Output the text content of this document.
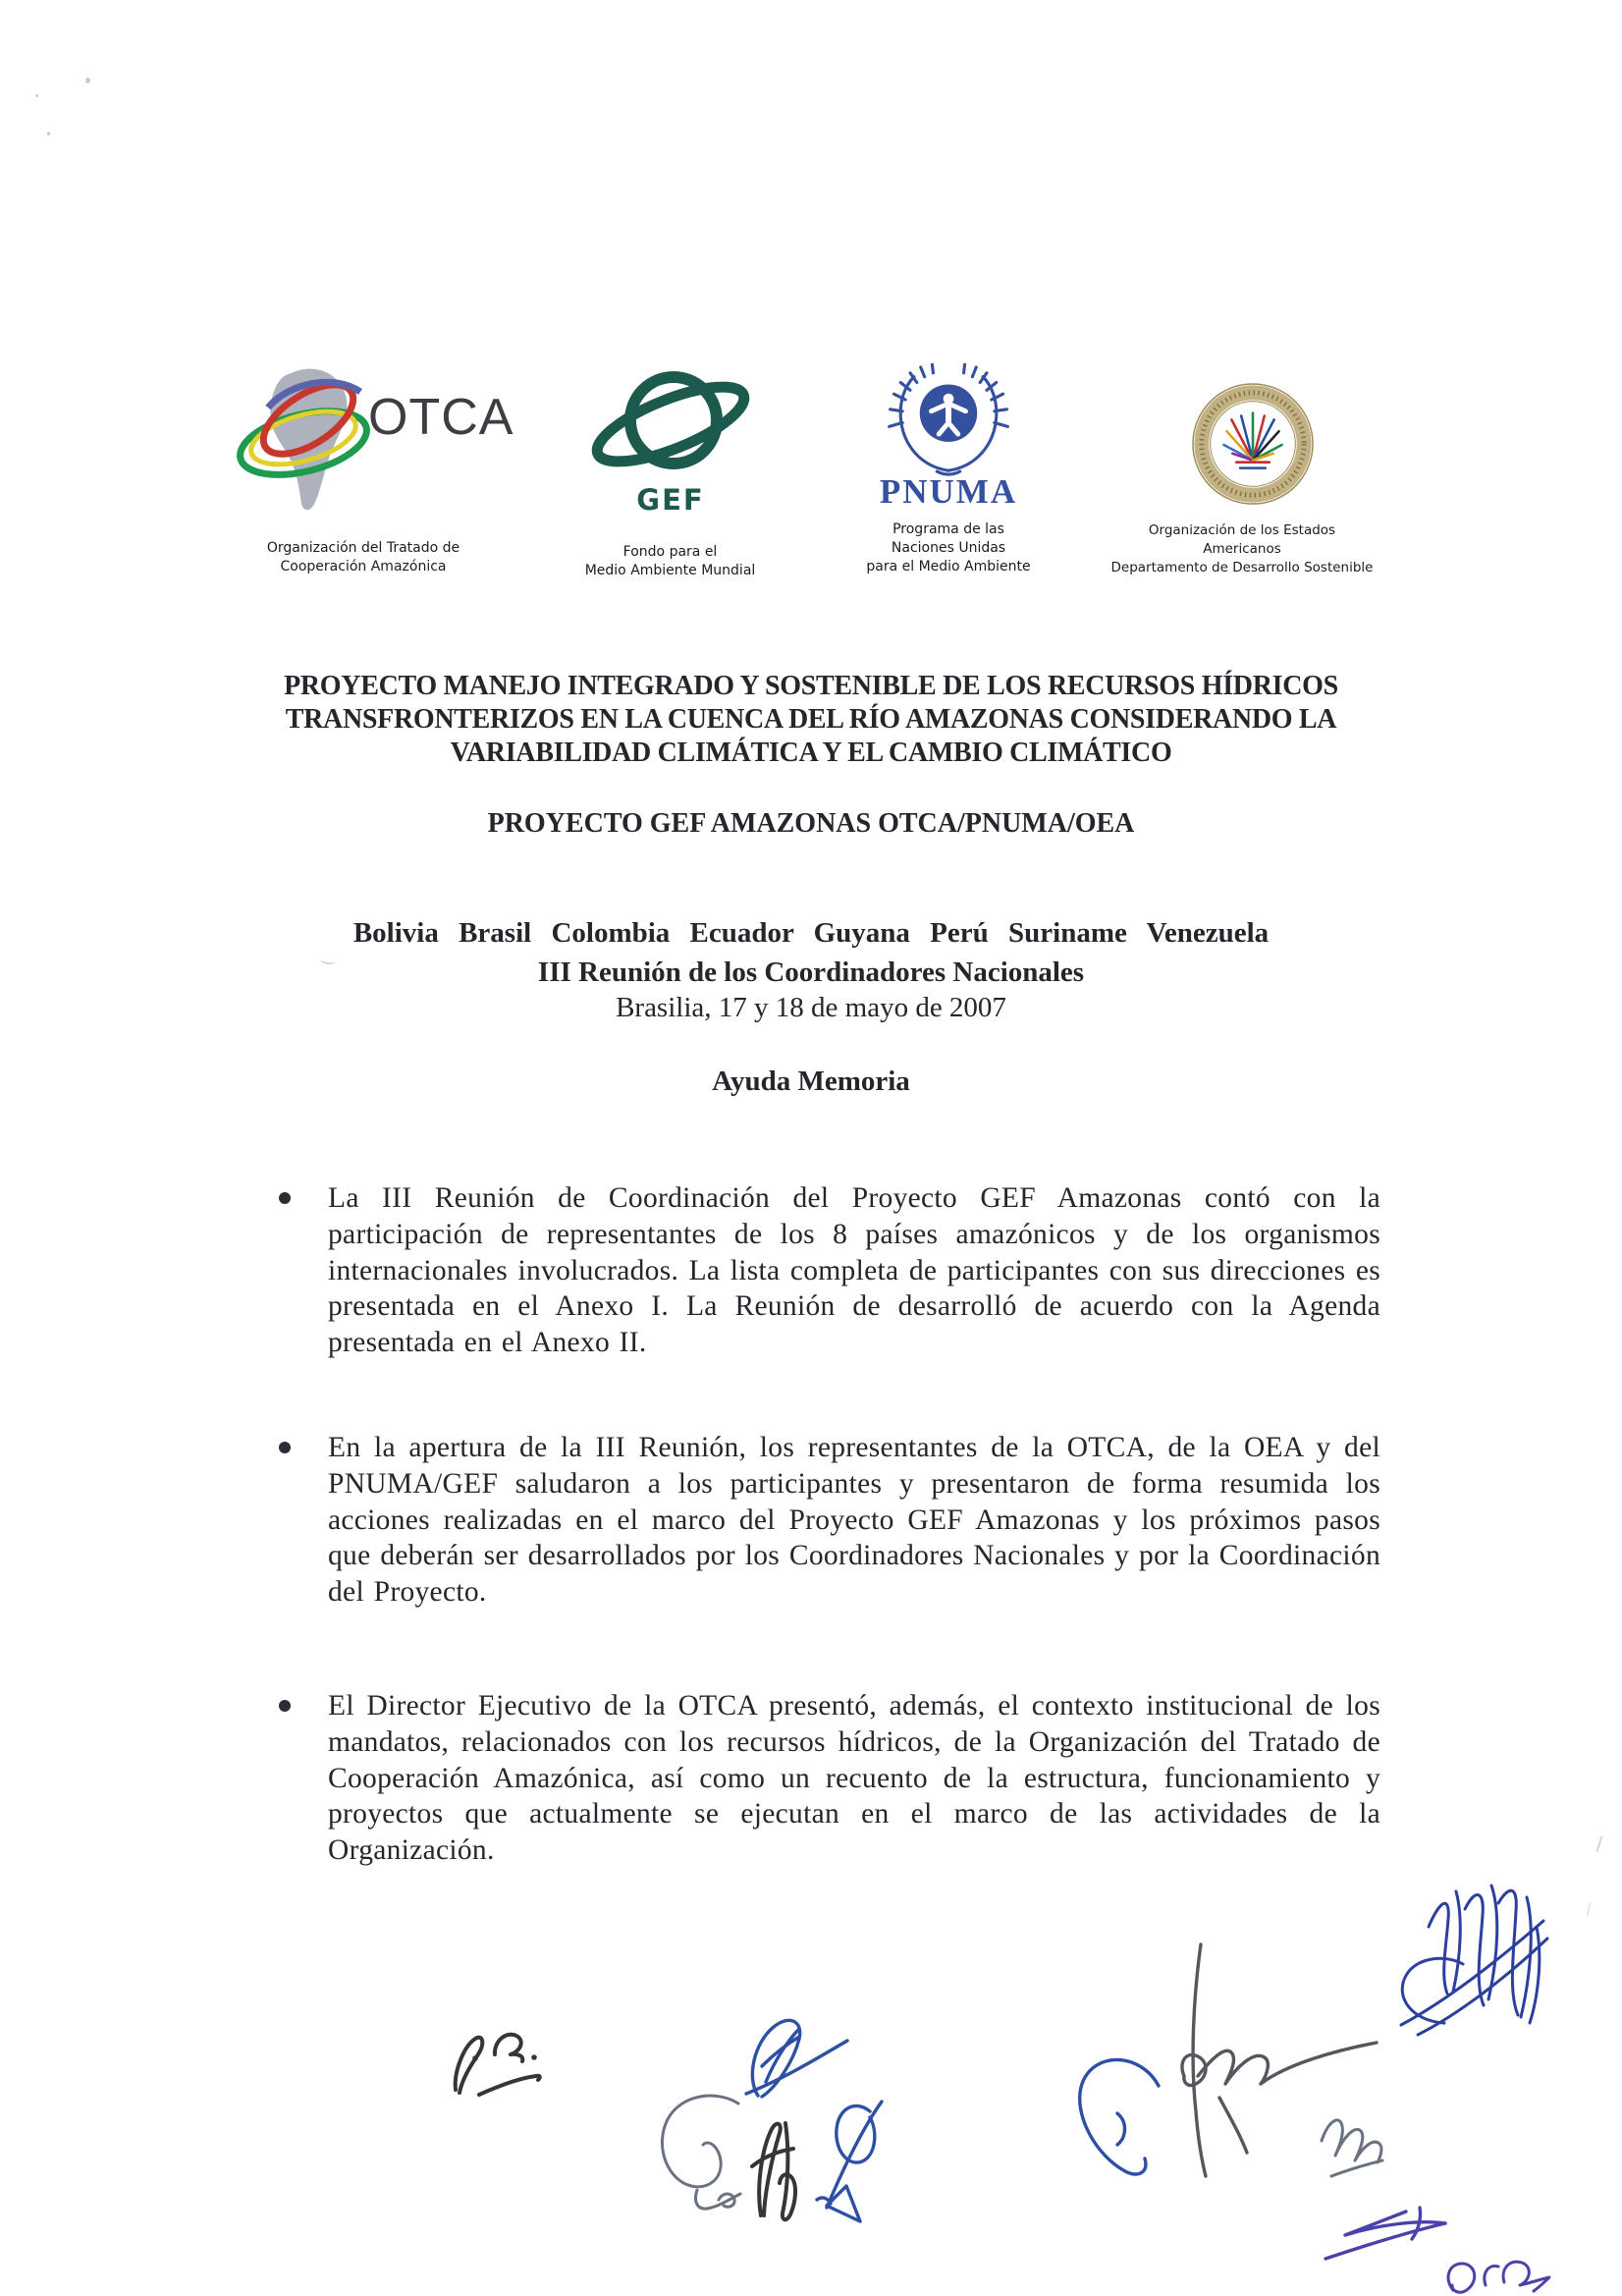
OTCA
Organización del Tratado de
Cooperación Amazónica
GEF
Fondo para el
Medio Ambiente Mundial
PNUMA
Programa de las
Naciones Unidas
para el Medio Ambiente
Organización de los Estados
Americanos
Departamento de Desarrollo Sostenible
PROYECTO MANEJO INTEGRADO Y SOSTENIBLE DE LOS RECURSOS HÍDRICOS
TRANSFRONTERIZOS EN LA CUENCA DEL RÍO AMAZONAS CONSIDERANDO LA
VARIABILIDAD CLIMÁTICA Y EL CAMBIO CLIMÁTICO
PROYECTO GEF AMAZONAS OTCA/PNUMA/OEA
Bolivia Brasil Colombia Ecuador Guyana Perú Suriname Venezuela
III Reunión de los Coordinadores Nacionales
Brasilia, 17 y 18 de mayo de 2007
Ayuda Memoria
La III Reunión de Coordinación del Proyecto GEF Amazonas contó con la participación de representantes de los 8 países amazónicos y de los organismos internacionales involucrados. La lista completa de participantes con sus direcciones es presentada en el Anexo I. La Reunión de desarrolló de acuerdo con la Agenda presentada en el Anexo II.
En la apertura de la III Reunión, los representantes de la OTCA, de la OEA y del PNUMA/GEF saludaron a los participantes y presentaron de forma resumida los acciones realizadas en el marco del Proyecto GEF Amazonas y los próximos pasos que deberán ser desarrollados por los Coordinadores Nacionales y por la Coordinación del Proyecto.
El Director Ejecutivo de la OTCA presentó, además, el contexto institucional de los mandatos, relacionados con los recursos hídricos, de la Organización del Tratado de Cooperación Amazónica, así como un recuento de la estructura, funcionamiento y proyectos que actualmente se ejecutan en el marco de las actividades de la Organización.
